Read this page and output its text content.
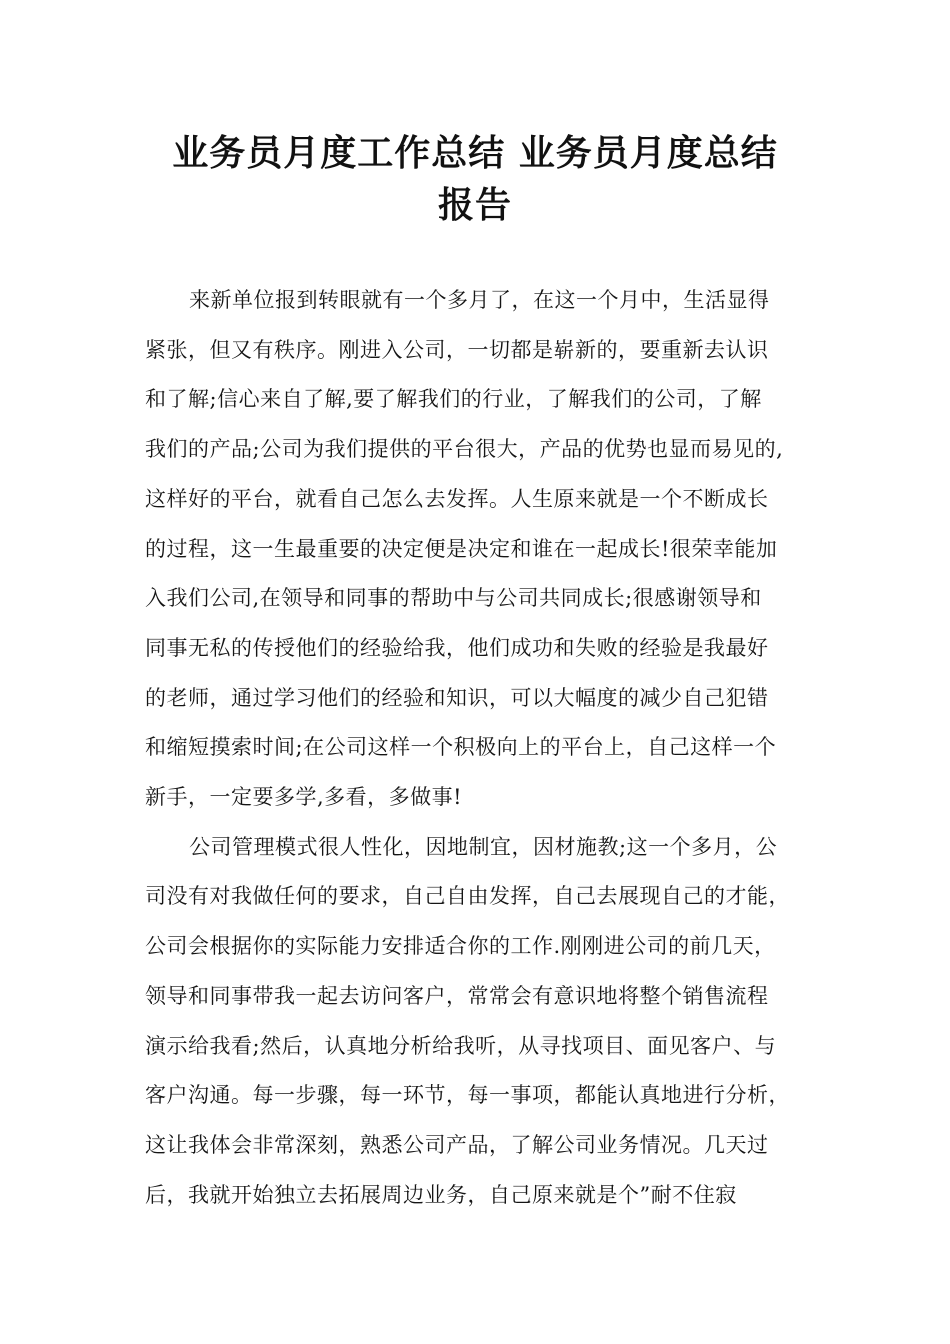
业务员月度工作总结 业务员月度总结
报告

来新单位报到转眼就有一个多月了，在这一个月中，生活显得
紧张，但又有秩序。刚进入公司，一切都是崭新的，要重新去认识
和了解;信心来自了解,要了解我们的行业，了解我们的公司，了解
我们的产品;公司为我们提供的平台很大，产品的优势也显而易见的,
这样好的平台，就看自己怎么去发挥。人生原来就是一个不断成长
的过程，这一生最重要的决定便是决定和谁在一起成长!很荣幸能加
入我们公司,在领导和同事的帮助中与公司共同成长;很感谢领导和
同事无私的传授他们的经验给我，他们成功和失败的经验是我最好
的老师，通过学习他们的经验和知识，可以大幅度的减少自己犯错
和缩短摸索时间;在公司这样一个积极向上的平台上，自己这样一个
新手，一定要多学,多看，多做事!

公司管理模式很人性化，因地制宜，因材施教;这一个多月，公
司没有对我做任何的要求，自己自由发挥，自己去展现自己的才能，
公司会根据你的实际能力安排适合你的工作.刚刚进公司的前几天，
领导和同事带我一起去访问客户，常常会有意识地将整个销售流程
演示给我看;然后，认真地分析给我听，从寻找项目、面见客户、与
客户沟通。每一步骤，每一环节，每一事项，都能认真地进行分析，
这让我体会非常深刻，熟悉公司产品，了解公司业务情况。几天过
后，我就开始独立去拓展周边业务，自己原来就是个”耐不住寂
